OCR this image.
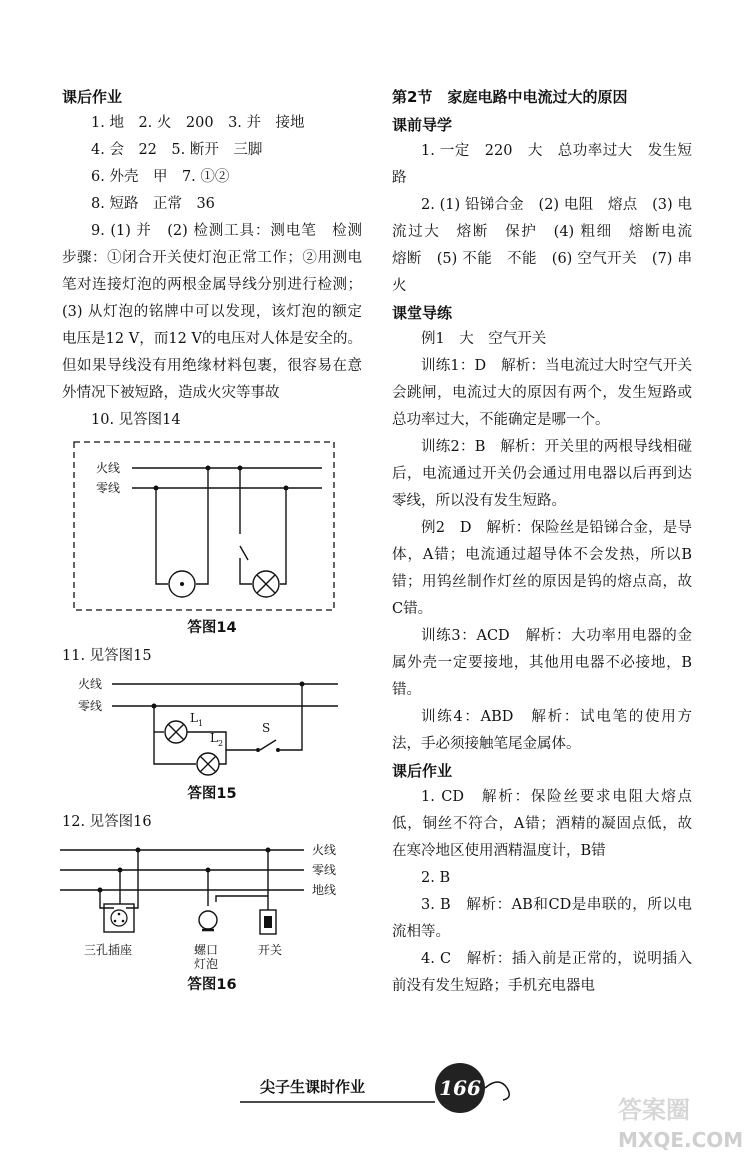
课后作业

1. 地　2. 火　200　3. 并　接地

4. 会　22　5. 断开　三脚

6. 外壳　甲　7. ①②

8. 短路　正常　36

9. (1) 并　(2) 检测工具：测电笔　检测步骤：①闭合开关使灯泡正常工作；②用测电笔对连接灯泡的两根金属导线分别进行检测；(3) 从灯泡的铭牌中可以发现，该灯泡的额定电压是12 V，而12 V的电压对人体是安全的。但如果导线没有用绝缘材料包裹，很容易在意外情况下被短路，造成火灾等事故

10. 见答图14

火线
零线

答图14

11. 见答图15

火线
零线
$L_1$
$L_2$
S

答图15

12. 见答图16

火线
零线
地线
三孔插座	螺口
灯泡
开关

答图16

第2节　家庭电路中电流过大的原因

课前导学

1. 一定　220　大　总功率过大　发生短路

2. (1) 铅锑合金　(2) 电阻　熔点　(3) 电流过大　熔断　保护　(4) 粗细　熔断电流　熔断　(5) 不能　不能　(6) 空气开关　(7) 串　火

课堂导练

例1　大　空气开关

训练1：D　解析：当电流过大时空气开关会跳闸，电流过大的原因有两个，发生短路或总功率过大，不能确定是哪一个。

训练2：B　解析：开关里的两根导线相碰后，电流通过开关仍会通过用电器以后再到达零线，所以没有发生短路。

例2　D　解析：保险丝是铅锑合金，是导体，A错；电流通过超导体不会发热，所以B错；用钨丝制作灯丝的原因是钨的熔点高，故C错。

训练3：ACD　解析：大功率用电器的金属外壳一定要接地，其他用电器不必接地，B错。

训练4：ABD　解析：试电笔的使用方法，手必须接触笔尾金属体。

课后作业

1. CD　解析：保险丝要求电阻大熔点低，铜丝不符合，A错；酒精的凝固点低，故在寒冷地区使用酒精温度计，B错

2. B

3. B　解析：AB和CD是串联的，所以电流相等。

4. C　解析：插入前是正常的，说明插入前没有发生短路；手机充电器电

尖子生课时作业	166
答案圈
MXQE.COM
